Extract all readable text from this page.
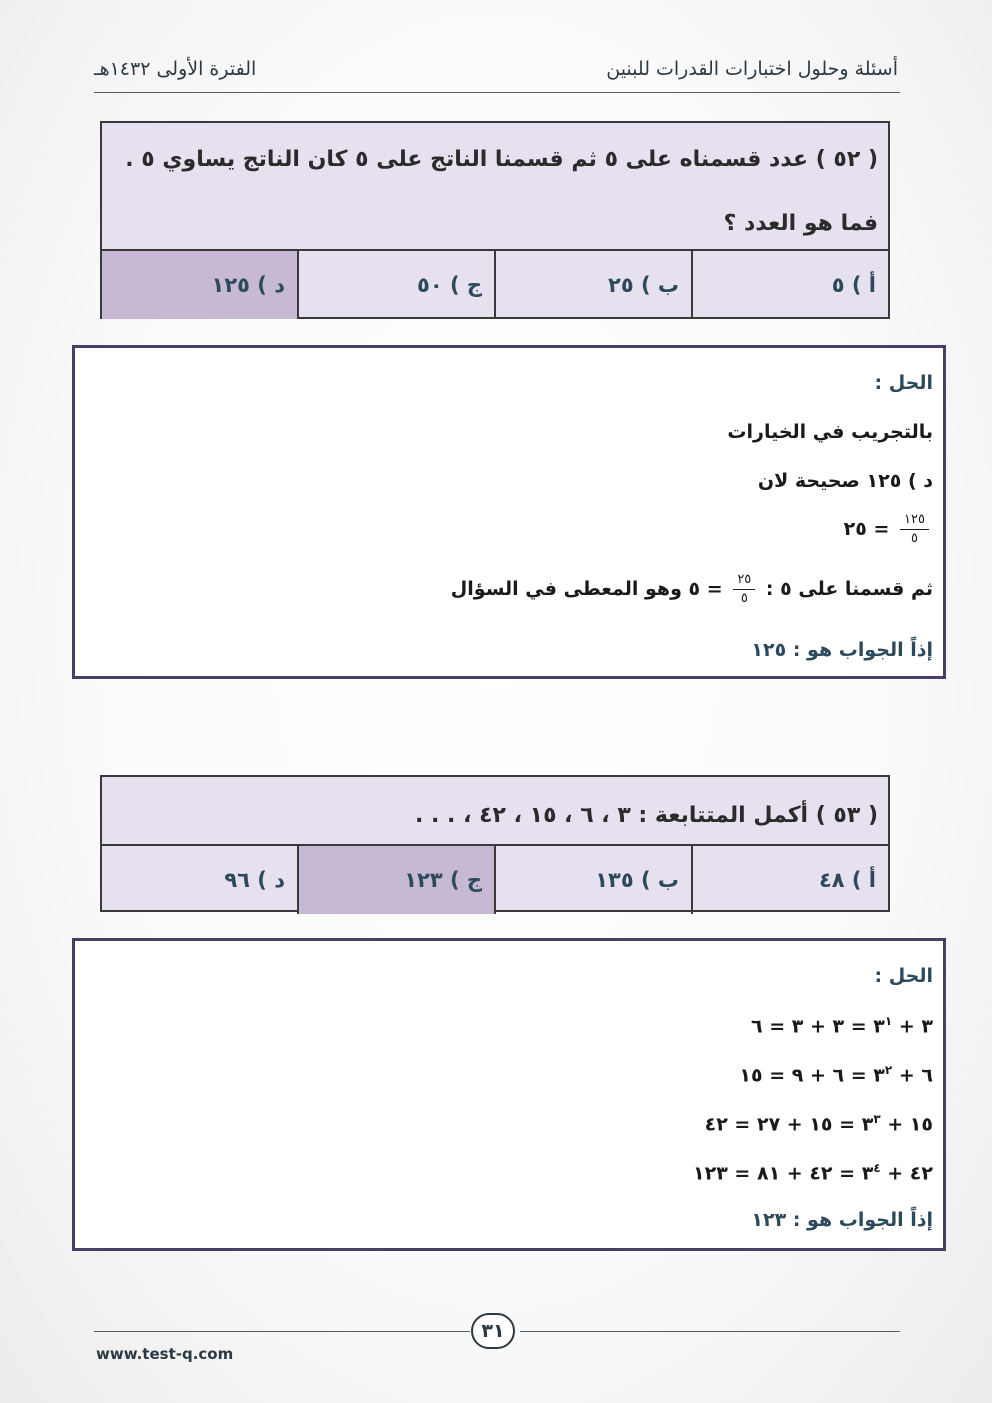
أسئلة وحلول اختبارات القدرات للبنين
الفترة الأولى ١٤٣٢هـ
( ٥٢ ) عدد قسمناه على ٥ ثم قسمنا الناتج على ٥ كان الناتج يساوي ٥ .
فما هو العدد ؟
أ ) ٥
ب ) ٢٥
ج ) ٥٠
د ) ١٢٥
الحل :
بالتجريب في الخيارات
د ) ١٢٥ صحيحة لان
$\frac{١٢٥}{٥}$
= ٢٥
ثم قسمنا على ٥ :
$\frac{٢٥}{٥}$
= ٥ وهو المعطى في السؤال
إذاً الجواب هو : ١٢٥
( ٥٣ ) أكمل المتتابعة : ٣ ، ٦ ، ١٥ ، ٤٢ ، . . .
أ ) ٤٨
ب ) ١٣٥
ج ) ١٢٣
د ) ٩٦
الحل :
٣ + $٣^١$ = ٣ + ٣ = ٦
٦ + $٣^٢$ = ٦ + ٩ = ١٥
١٥ + $٣^٣$ = ١٥ + ٢٧ = ٤٢
٤٢ + $٣^٤$ = ٤٢ + ٨١ = ١٢٣
إذاً الجواب هو : ١٢٣
٣١
www.test-q.com
